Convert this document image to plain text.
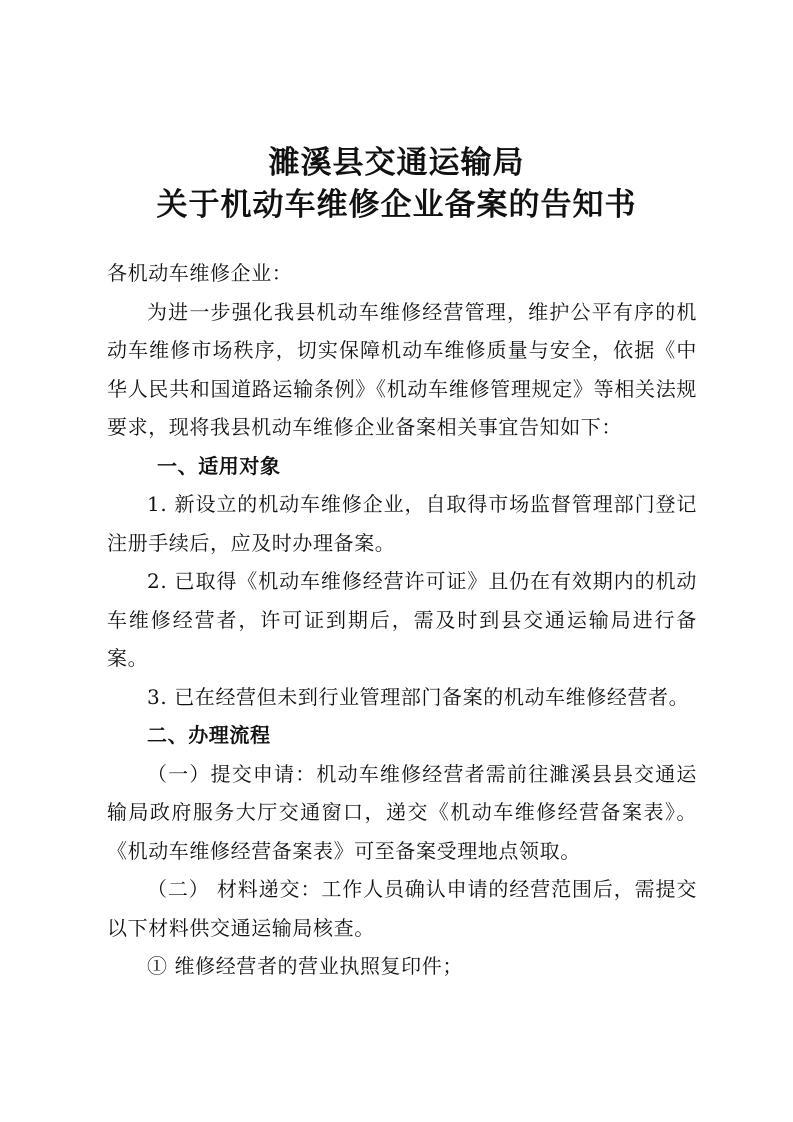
濉溪县交通运输局
关于机动车维修企业备案的告知书

各机动车维修企业：

为进一步强化我县机动车维修经营管理，维护公平有序的机动车维修市场秩序，切实保障机动车维修质量与安全，依据《中华人民共和国道路运输条例》《机动车维修管理规定》等相关法规要求，现将我县机动车维修企业备案相关事宜告知如下：

一、适用对象

1. 新设立的机动车维修企业，自取得市场监督管理部门登记注册手续后，应及时办理备案。

2. 已取得《机动车维修经营许可证》且仍在有效期内的机动车维修经营者，许可证到期后，需及时到县交通运输局进行备案。

3. 已在经营但未到行业管理部门备案的机动车维修经营者。

二、办理流程

（一）提交申请：机动车维修经营者需前往濉溪县县交通运输局政府服务大厅交通窗口，递交《机动车维修经营备案表》。《机动车维修经营备案表》可至备案受理地点领取。

（二） 材料递交：工作人员确认申请的经营范围后，需提交以下材料供交通运输局核查。

① 维修经营者的营业执照复印件；
